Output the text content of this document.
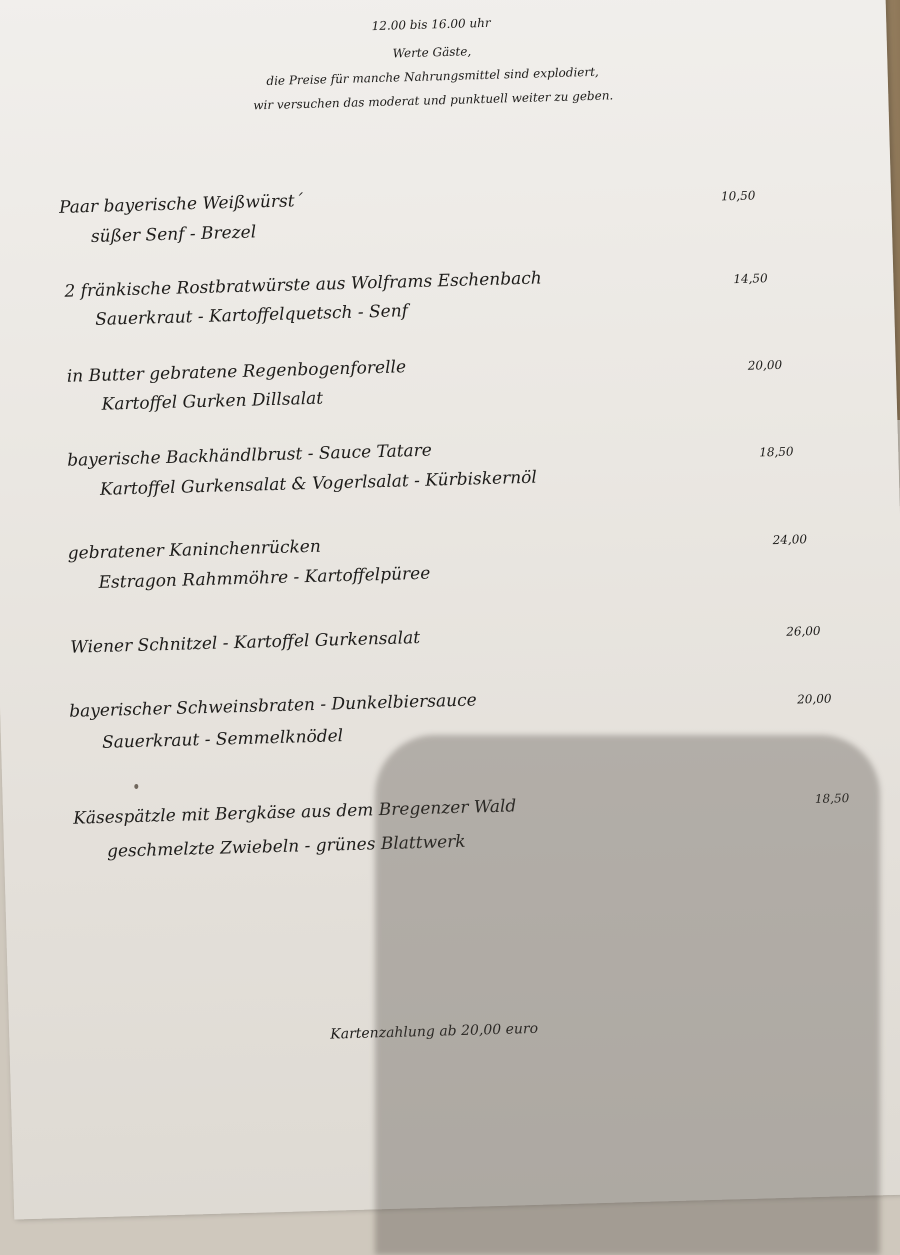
12.00 bis 16.00 uhr
Werte Gäste,
die Preise für manche Nahrungsmittel sind explodiert,
wir versuchen das moderat und punktuell weiter zu geben.
Paar bayerische Weißwürst´
süßer Senf - Brezel
10,50
2 fränkische Rostbratwürste aus Wolframs Eschenbach
Sauerkraut - Kartoffelquetsch - Senf
14,50
in Butter gebratene Regenbogenforelle
Kartoffel Gurken Dillsalat
20,00
bayerische Backhändlbrust - Sauce Tatare
Kartoffel Gurkensalat & Vogerlsalat - Kürbiskernöl
18,50
gebratener Kaninchenrücken
Estragon Rahmmöhre - Kartoffelpüree
24,00
Wiener Schnitzel - Kartoffel Gurkensalat	26,00
bayerischer Schweinsbraten - Dunkelbiersauce
Sauerkraut - Semmelknödel
20,00
Käsespätzle mit Bergkäse aus dem Bregenzer Wald
geschmelzte Zwiebeln - grünes Blattwerk
18,50
Kartenzahlung ab 20,00 euro
